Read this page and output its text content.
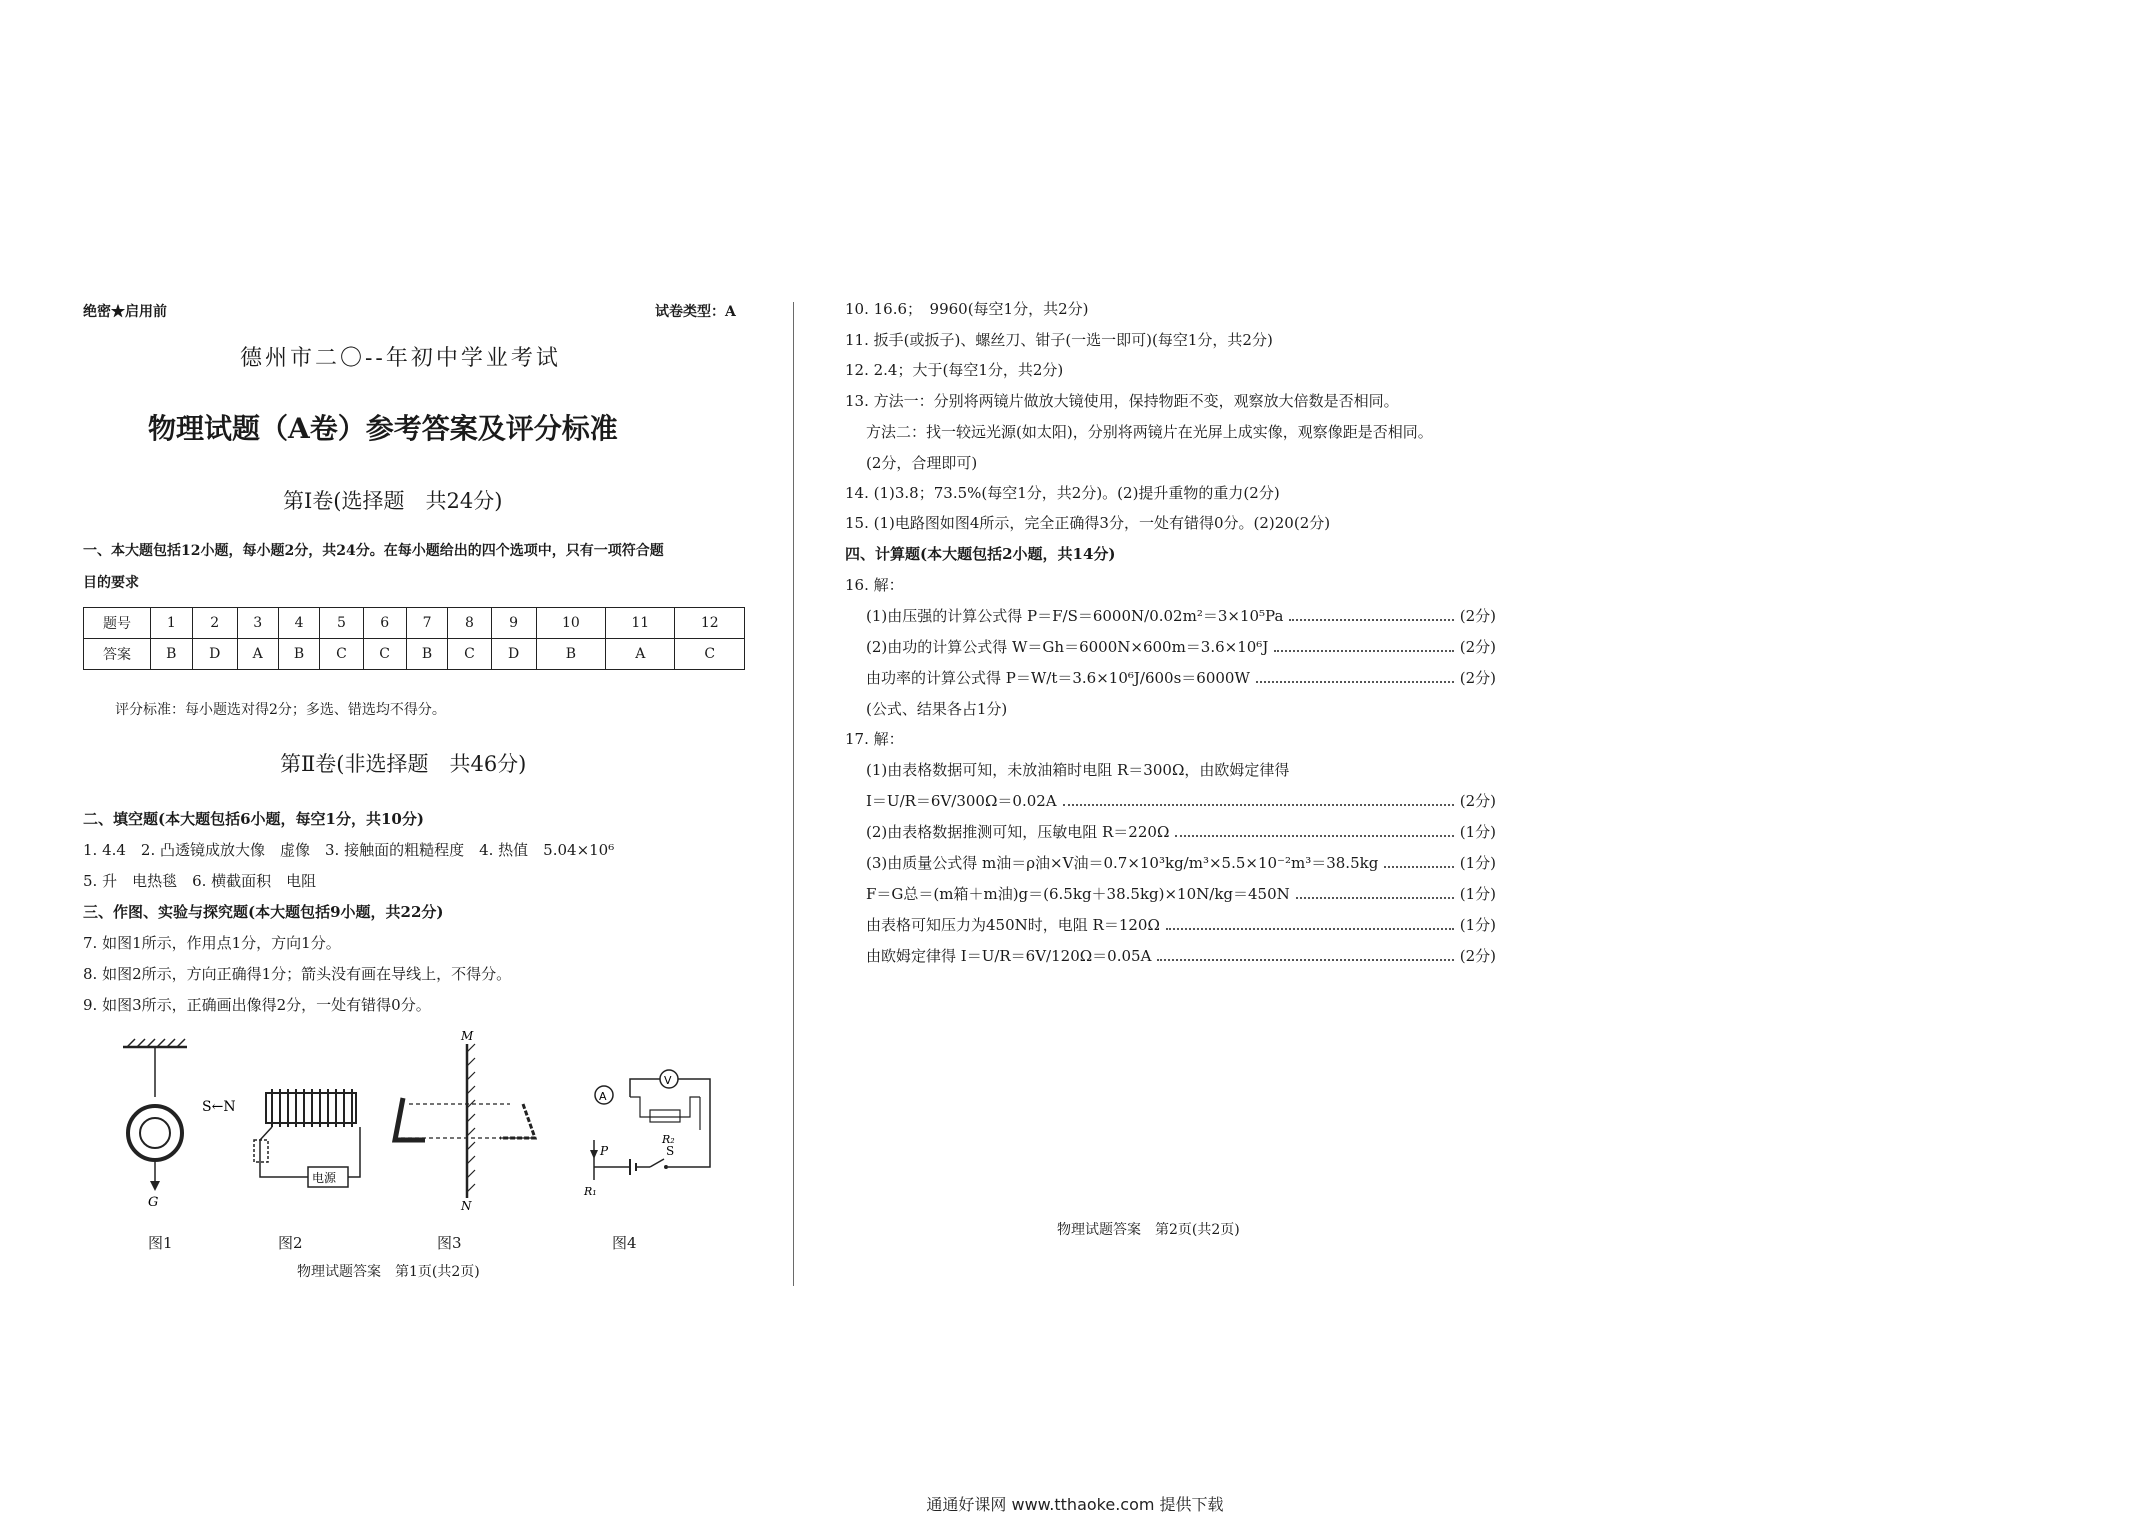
绝密★启用前	试卷类型：A
德州市二〇--年初中学业考试
物理试题（A卷）参考答案及评分标准
第Ⅰ卷(选择题　共24分)
一、本大题包括12小题，每小题2分，共24分。在每小题给出的四个选项中，只有一项符合题
目的要求
题号	1	2	3	4	5	6	7	8	9	10	11	12
答案	B	D	A	B	C	C	B	C	D	B	A	C
评分标准：每小题选对得2分；多选、错选均不得分。
第Ⅱ卷(非选择题　共46分)
二、填空题(本大题包括6小题，每空1分，共10分)
1. 4.4　2. 凸透镜成放大像　虚像　3. 接触面的粗糙程度　4. 热值　5.04×10⁶
5. 升　电热毯　6. 横截面积　电阻
三、作图、实验与探究题(本大题包括9小题，共22分)
7. 如图1所示，作用点1分，方向1分。
8. 如图2所示，方向正确得1分；箭头没有画在导线上，不得分。
9. 如图3所示，正确画出像得2分，一处有错得0分。
G
S←N
电源
M
N
A
V
R₂
P	S
R₁
图1	图2	图3	图4
物理试题答案　第1页(共2页)
10. 16.6；　9960(每空1分，共2分)
11. 扳手(或扳子)、螺丝刀、钳子(一选一即可)(每空1分，共2分)
12. 2.4；大于(每空1分，共2分)
13. 方法一：分别将两镜片做放大镜使用，保持物距不变，观察放大倍数是否相同。
方法二：找一较远光源(如太阳)，分别将两镜片在光屏上成实像，观察像距是否相同。
(2分，合理即可)
14. (1)3.8；73.5%(每空1分，共2分)。(2)提升重物的重力(2分)
15. (1)电路图如图4所示，完全正确得3分，一处有错得0分。(2)20(2分)
四、计算题(本大题包括2小题，共14分)
16. 解：
(1)由压强的计算公式得 P＝F/S＝6000N/0.02m²＝3×10⁵Pa	(2分)
(2)由功的计算公式得 W＝Gh＝6000N×600m＝3.6×10⁶J	(2分)
由功率的计算公式得 P＝W/t＝3.6×10⁶J/600s＝6000W	(2分)
(公式、结果各占1分)
17. 解：
(1)由表格数据可知，未放油箱时电阻 R＝300Ω，由欧姆定律得
I＝U/R＝6V/300Ω＝0.02A	(2分)
(2)由表格数据推测可知，压敏电阻 R＝220Ω	(1分)
(3)由质量公式得 m油＝ρ油×V油＝0.7×10³kg/m³×5.5×10⁻²m³＝38.5kg	(1分)
F＝G总＝(m箱＋m油)g＝(6.5kg＋38.5kg)×10N/kg＝450N	(1分)
由表格可知压力为450N时，电阻 R＝120Ω	(1分)
由欧姆定律得 I＝U/R＝6V/120Ω＝0.05A	(2分)
物理试题答案　第2页(共2页)
通通好课网 www.tthaoke.com 提供下载
